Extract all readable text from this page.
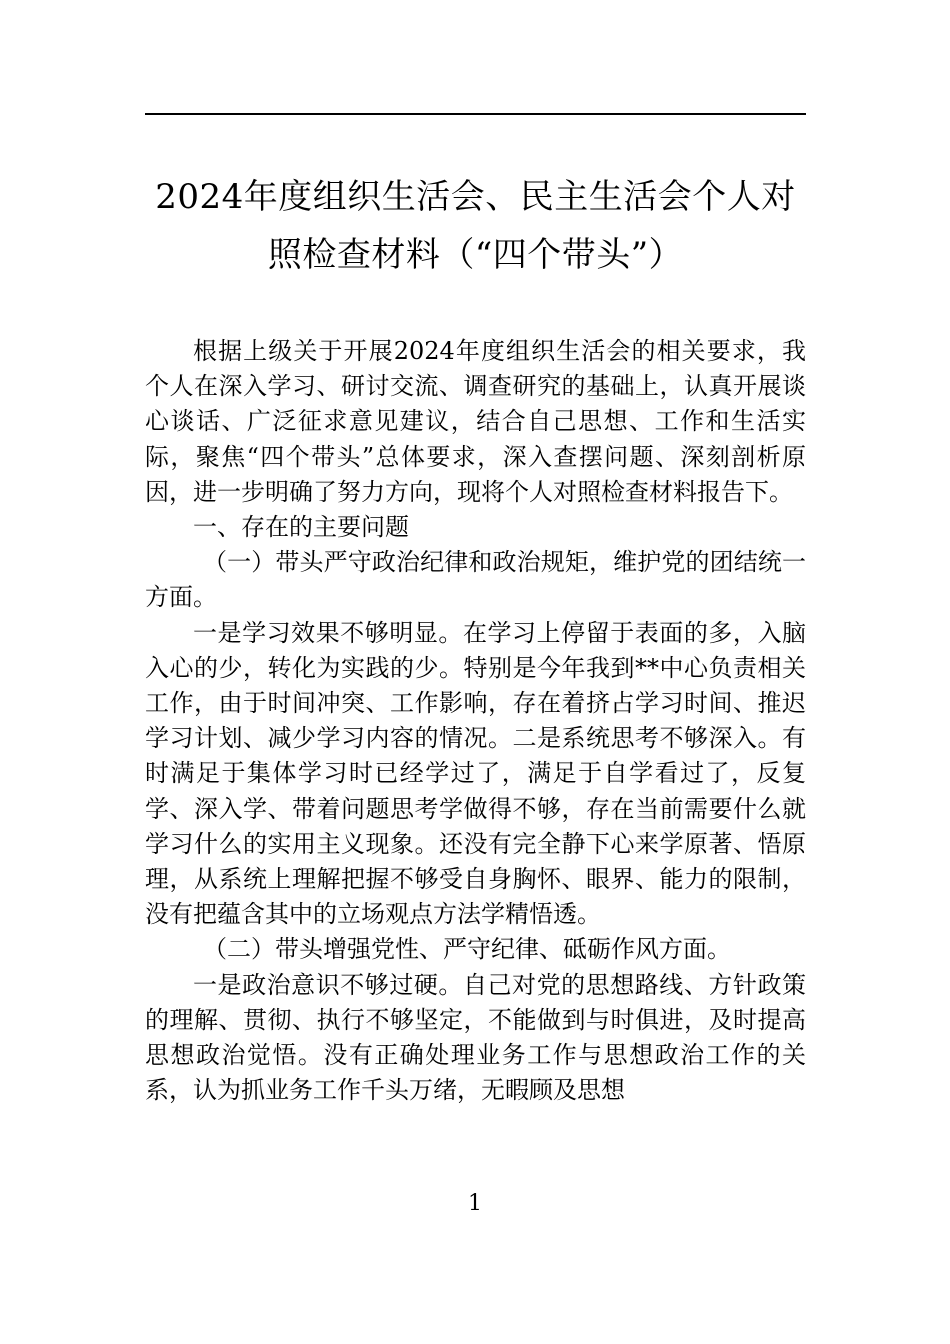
2024年度组织生活会、民主生活会个人对
照检查材料（“四个带头”）

根据上级关于开展2024年度组织生活会的相关要求，我个人在深入学习、研讨交流、调查研究的基础上，认真开展谈心谈话、广泛征求意见建议，结合自己思想、工作和生活实际，聚焦“四个带头”总体要求，深入查摆问题、深刻剖析原因，进一步明确了努力方向，现将个人对照检查材料报告下。

一、存在的主要问题

（一）带头严守政治纪律和政治规矩，维护党的团结统一方面。

一是学习效果不够明显。在学习上停留于表面的多，入脑入心的少，转化为实践的少。特别是今年我到**中心负责相关工作，由于时间冲突、工作影响，存在着挤占学习时间、推迟学习计划、减少学习内容的情况。二是系统思考不够深入。有时满足于集体学习时已经学过了，满足于自学看过了，反复学、深入学、带着问题思考学做得不够，存在当前需要什么就学习什么的实用主义现象。还没有完全静下心来学原著、悟原理，从系统上理解把握不够受自身胸怀、眼界、能力的限制，没有把蕴含其中的立场观点方法学精悟透。

（二）带头增强党性、严守纪律、砥砺作风方面。

一是政治意识不够过硬。自己对党的思想路线、方针政策的理解、贯彻、执行不够坚定，不能做到与时俱进，及时提高思想政治觉悟。没有正确处理业务工作与思想政治工作的关系，认为抓业务工作千头万绪，无暇顾及思想

1
